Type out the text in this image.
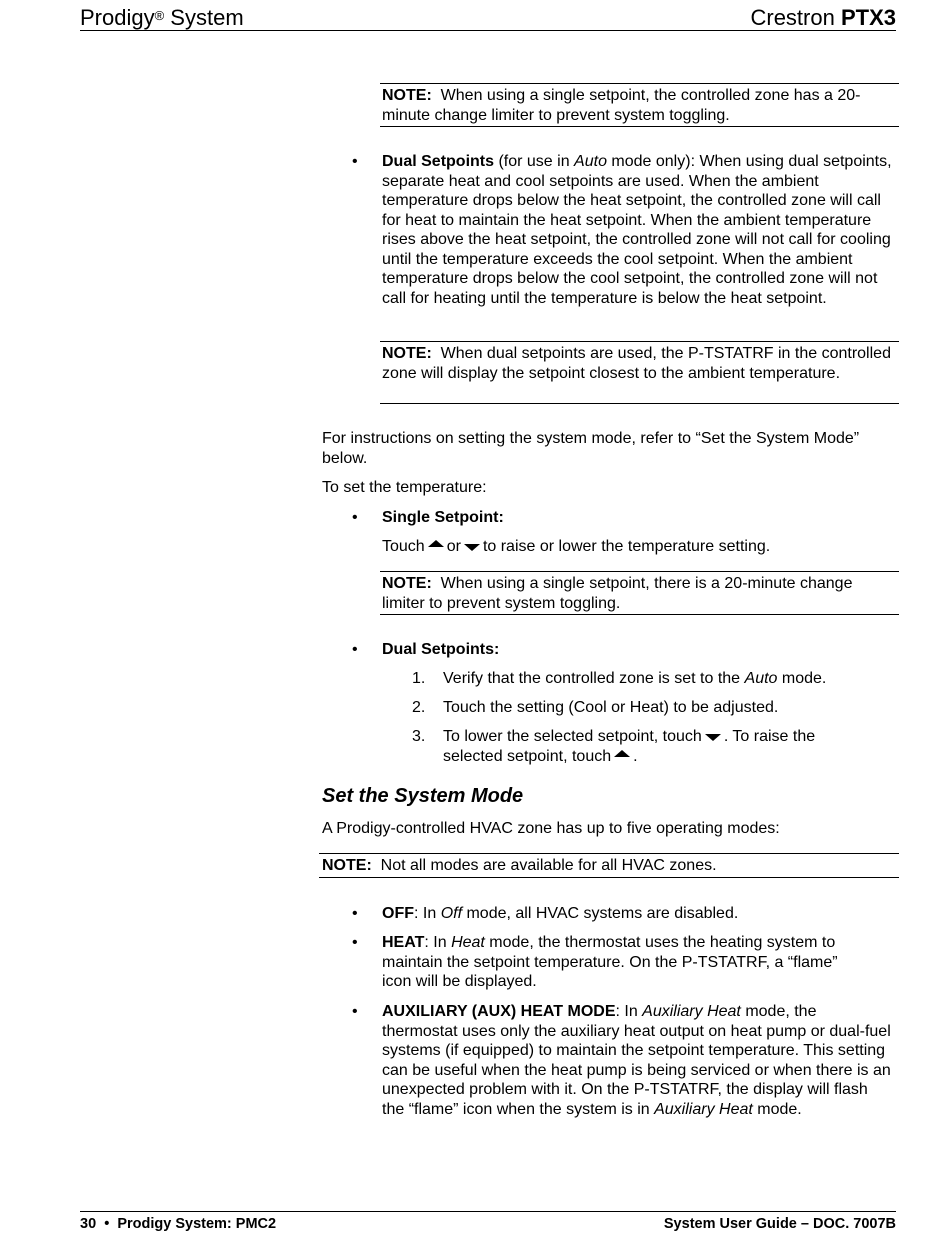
Prodigy® System	Crestron PTX3
NOTE: When using a single setpoint, the controlled zone has a 20-minute change limiter to prevent system toggling.
• Dual Setpoints (for use in Auto mode only): When using dual setpoints, separate heat and cool setpoints are used. When the ambient temperature drops below the heat setpoint, the controlled zone will call for heat to maintain the heat setpoint. When the ambient temperature rises above the heat setpoint, the controlled zone will not call for cooling until the temperature exceeds the cool setpoint. When the ambient temperature drops below the cool setpoint, the controlled zone will not call for heating until the temperature is below the heat setpoint.
NOTE: When dual setpoints are used, the P-TSTATRF in the controlled zone will display the setpoint closest to the ambient temperature.
For instructions on setting the system mode, refer to “Set the System Mode” below.
To set the temperature:
• Single Setpoint:
Touch or to raise or lower the temperature setting.
NOTE: When using a single setpoint, there is a 20-minute change limiter to prevent system toggling.
• Dual Setpoints:
1. Verify that the controlled zone is set to the Auto mode.
2. Touch the setting (Cool or Heat) to be adjusted.
3. To lower the selected setpoint, touch . To raise the selected setpoint, touch .
Set the System Mode
A Prodigy-controlled HVAC zone has up to five operating modes:
NOTE: Not all modes are available for all HVAC zones.
• OFF: In Off mode, all HVAC systems are disabled.
• HEAT: In Heat mode, the thermostat uses the heating system to maintain the setpoint temperature. On the P-TSTATRF, a “flame” icon will be displayed.
• AUXILIARY (AUX) HEAT MODE: In Auxiliary Heat mode, the thermostat uses only the auxiliary heat output on heat pump or dual-fuel systems (if equipped) to maintain the setpoint temperature. This setting can be useful when the heat pump is being serviced or when there is an unexpected problem with it. On the P-TSTATRF, the display will flash the “flame” icon when the system is in Auxiliary Heat mode.
30 • Prodigy System: PMC2	System User Guide – DOC. 7007B
